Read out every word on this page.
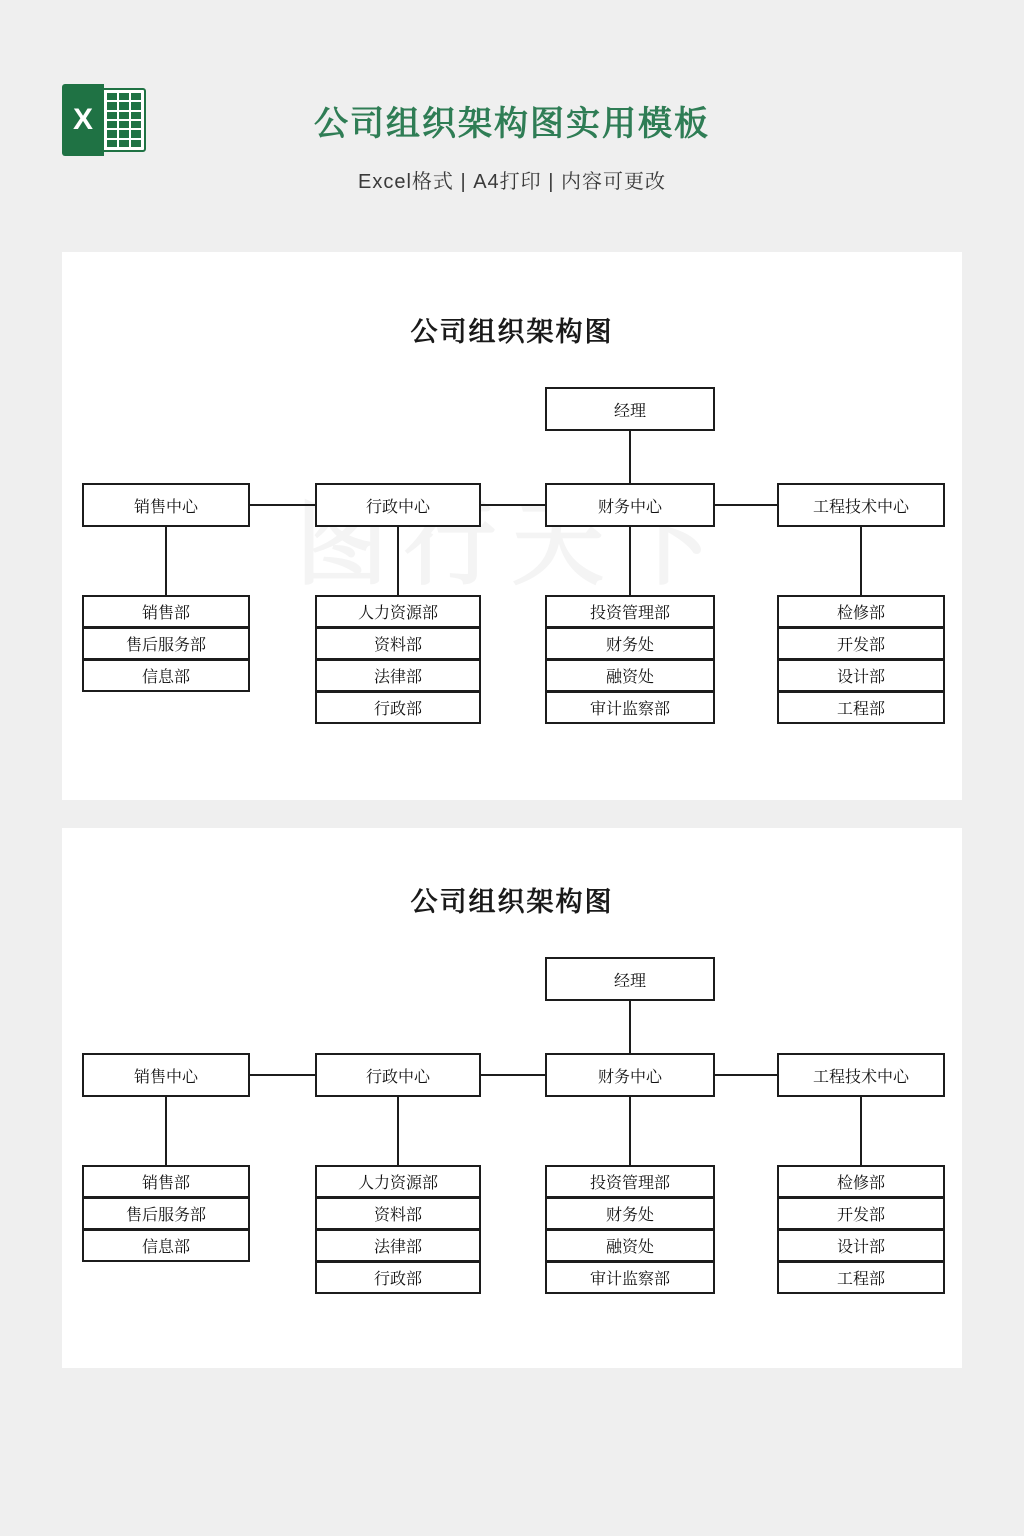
X	公司组织架构图实用模板
Excel格式 | A4打印 | 内容可更改
公司组织架构图
经理
销售中心	行政中心	财务中心	工程技术中心
销售部
售后服务部
信息部
人力资源部
资料部
法律部
行政部
投资管理部
财务处
融资处
审计监察部
检修部
开发部
设计部
工程部
公司组织架构图
经理
销售中心	行政中心	财务中心	工程技术中心
销售部
售后服务部
信息部
人力资源部
资料部
法律部
行政部
投资管理部
财务处
融资处
审计监察部
检修部
开发部
设计部
工程部
